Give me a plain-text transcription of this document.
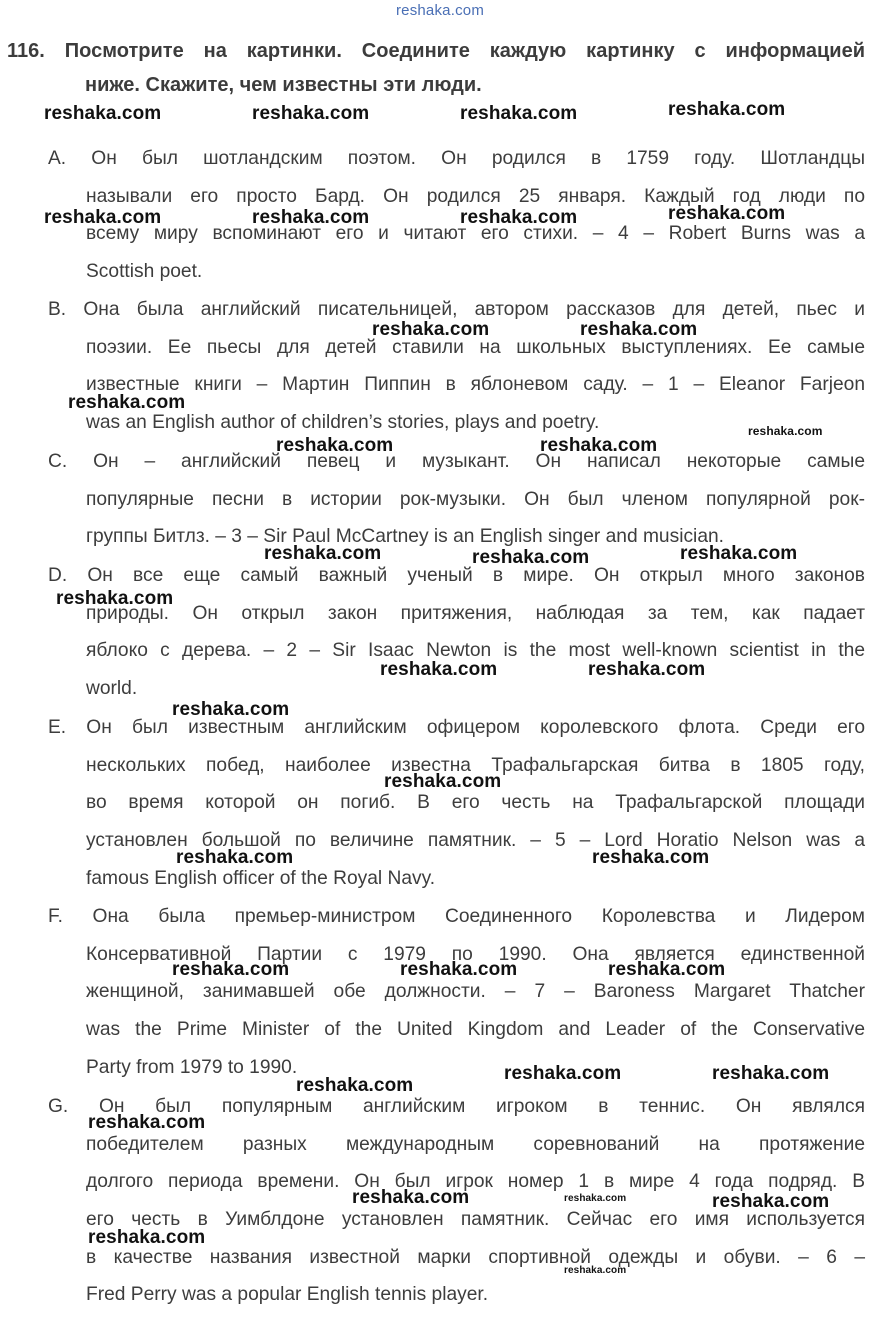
reshaka.com
116. Посмотрите на картинки. Соедините каждую картинку с информацией
ниже. Скажите, чем известны эти люди.
A. Он был шотландским поэтом. Он родился в 1759 году. Шотландцы
называли его просто Бард. Он родился 25 января. Каждый год люди по
всему миру вспоминают его и читают его стихи. – 4 – Robert Burns was a
Scottish poet.
B. Она была английский писательницей, автором рассказов для детей, пьес и
поэзии. Ее пьесы для детей ставили на школьных выступлениях. Ее самые
известные книги – Мартин Пиппин в яблоневом саду. – 1 – Eleanor Farjeon
was an English author of children’s stories, plays and poetry.
C. Он – английский певец и музыкант. Он написал некоторые самые
популярные песни в истории рок-музыки. Он был членом популярной рок-
группы Битлз. – 3 – Sir Paul McCartney is an English singer and musician.
D. Он все еще самый важный ученый в мире. Он открыл много законов
природы. Он открыл закон притяжения, наблюдая за тем, как падает
яблоко с дерева. – 2 – Sir Isaac Newton is the most well-known scientist in the
world.
E. Он был известным английским офицером королевского флота. Среди его
нескольких побед, наиболее известна Трафальгарская битва в 1805 году,
во время которой он погиб. В его честь на Трафальгарской площади
установлен большой по величине памятник. – 5 – Lord Horatio Nelson was a
famous English officer of the Royal Navy.
F. Она была премьер-министром Соединенного Королевства и Лидером
Консервативной Партии с 1979 по 1990. Она является единственной
женщиной, занимавшей обе должности. – 7 – Baroness Margaret Thatcher
was the Prime Minister of the United Kingdom and Leader of the Conservative
Party from 1979 to 1990.
G. Он был популярным английским игроком в теннис. Он являлся
победителем разных международным соревнований на протяжение
долгого периода времени. Он был игрок номер 1 в мире 4 года подряд. В
его честь в Уимблдоне установлен памятник. Сейчас его имя используется
в качестве названия известной марки спортивной одежды и обуви. – 6 –
Fred Perry was a popular English tennis player.
reshaka.com	reshaka.com	reshaka.com	reshaka.com
reshaka.com	reshaka.com	reshaka.com	reshaka.com
reshaka.com	reshaka.com
reshaka.com
reshaka.com
reshaka.com	reshaka.com
reshaka.com	reshaka.com	reshaka.com
reshaka.com
reshaka.com	reshaka.com
reshaka.com
reshaka.com
reshaka.com	reshaka.com
reshaka.com	reshaka.com	reshaka.com
reshaka.com
reshaka.com	reshaka.com
reshaka.com
reshaka.com	reshaka.com	reshaka.com
reshaka.com
reshaka.com
